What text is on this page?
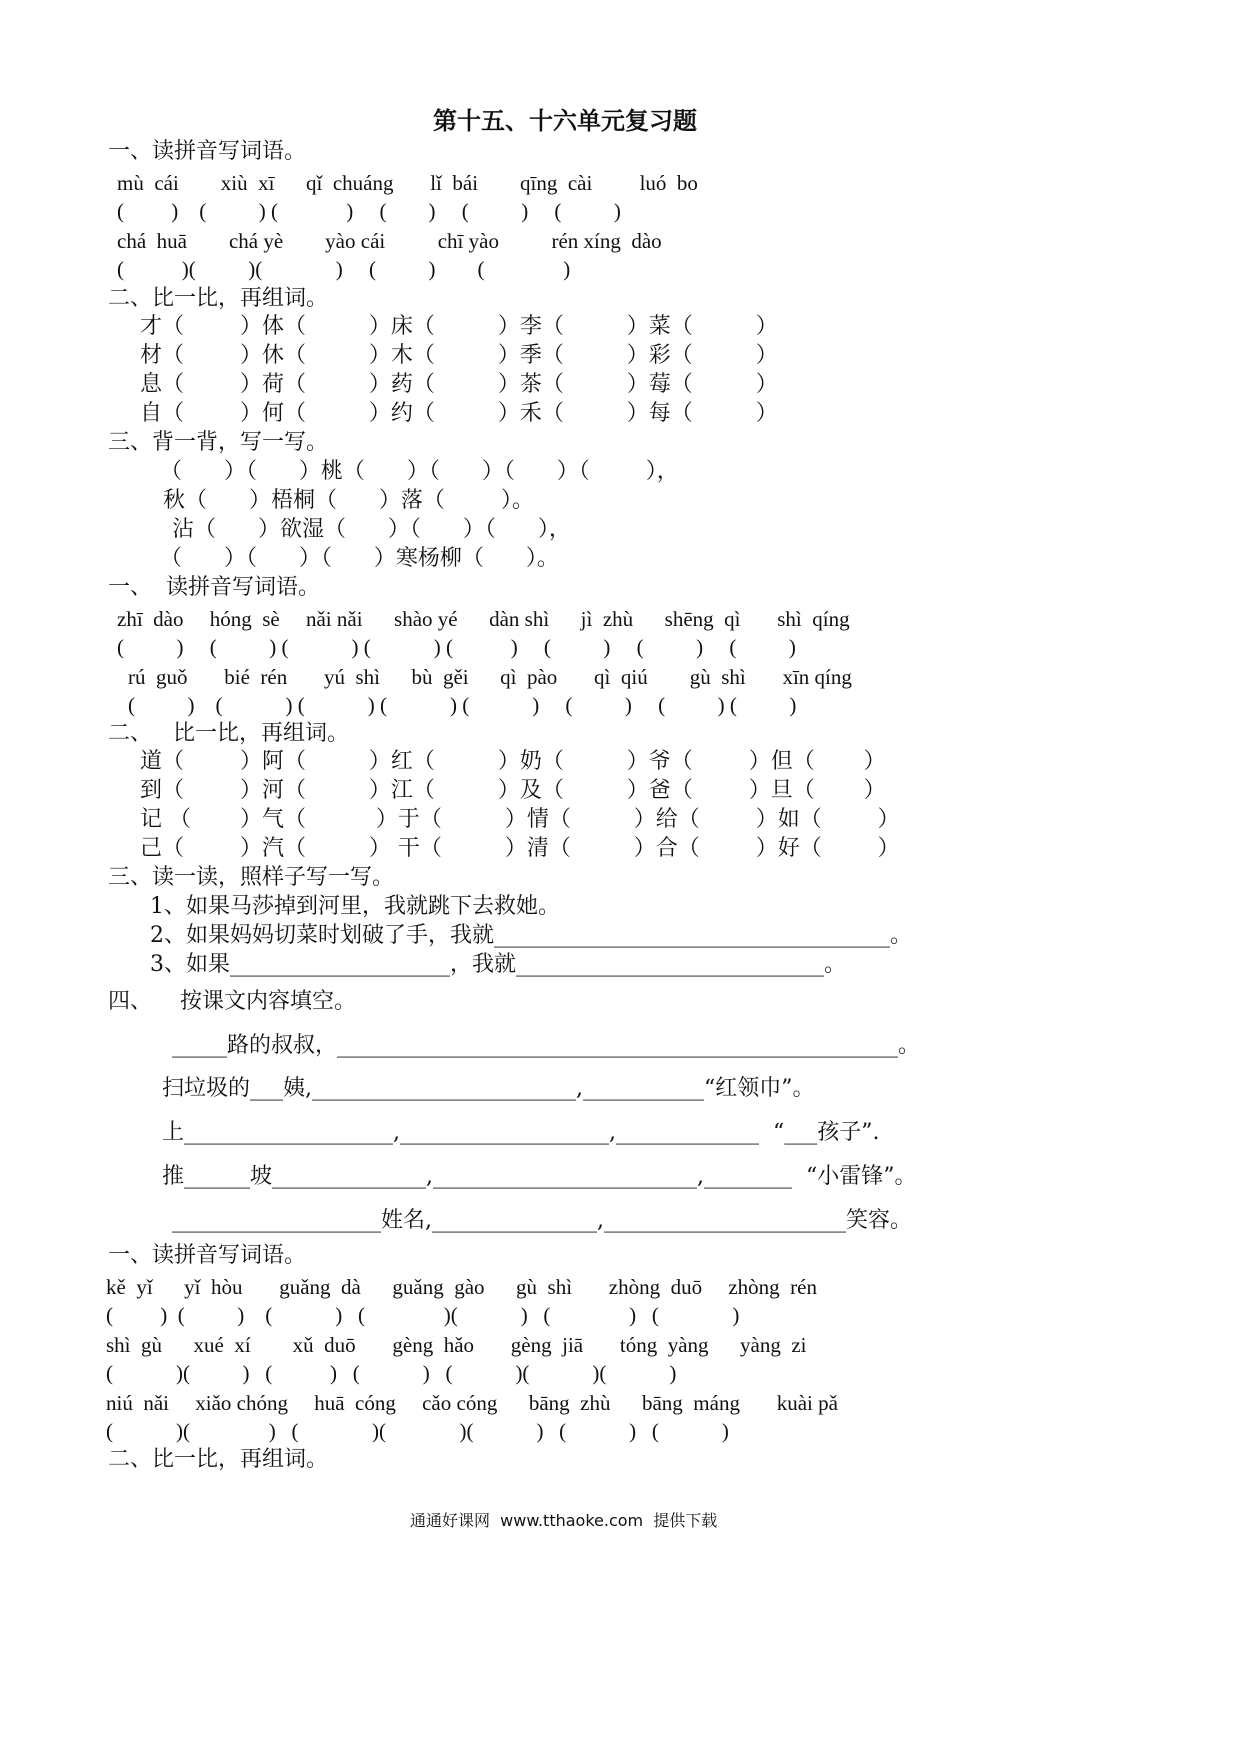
第十五、十六单元复习题
一、读拼音写词语。
mù  cái        xiù  xī      qǐ  chuáng       lǐ  bái        qīng  cài         luó  bo
(         )    (          ) (             )     (        )     (          )     (          )
chá  huā        chá yè        yào cái          chī yào          rén xíng  dào
(           )(          )(              )     (          )        (               )
二、比一比，再组词。
才（        ）体（         ）床（         ）李（         ）菜（         ）
材（        ）休（         ）木（         ）季（         ）彩（         ）
息（        ）荷（         ）药（         ）茶（         ）莓（         ）
自（        ）何（         ）约（         ）禾（         ）每（         ）
三、背一背，写一写。
（      ）（      ）桃（      ）（      ）（      ）（        ），
秋（      ）梧桐（      ）落（        ）。
沾（      ）欲湿（      ）（      ）（      ），
（      ）（      ）（      ）寒杨柳（      ）。
一、  读拼音写词语。
zhī  dào     hóng  sè     nǎi nǎi      shào yé      dàn shì      jì  zhù      shēng  qì       shì  qíng
(          )     (          ) (            ) (            ) (           )     (          )     (          )     (          )
rú  guǒ       bié  rén       yú  shì      bù  gěi      qì  pào       qì  qiú        gù  shì       xīn qíng
(          )    (            ) (            ) (            ) (            )     (          )     (          ) (          )
二、   比一比，再组词。
道（        ）阿（         ）红（         ）奶（         ）爷（        ）但（       ）
到（        ）河（         ）江（         ）及（         ）爸（        ）旦（       ）
记 （       ）气（          ）于（         ）情（         ）给（        ）如（        ）
己（        ）汽（         ） 干（         ）清（         ）合（        ）好（        ）
三、读一读，照样子写一写。
1、如果马莎掉到河里，我就跳下去救她。
2、如果妈妈切菜时划破了手，我就____________________________________。
3、如果____________________，我就____________________________。
四、    按课文内容填空。
_____路的叔叔，___________________________________________________。
扫垃圾的___姨,________________________,___________“红领巾”。
上___________________,___________________,_____________  “___孩子”.
推______坡______________,________________________,________  “小雷锋”。
___________________姓名,_______________,______________________笑容。
一、读拼音写词语。
kě  yǐ      yǐ  hòu       guǎng  dà      guǎng  gào      gù  shì       zhòng  duō     zhòng  rén
(         )  (          )    (            )   (               )(            )   (               )   (              )
shì  gù      xué  xí        xǔ  duō       gèng  hǎo       gèng  jiā       tóng  yàng      yàng  zi
(            )(          )   (           )   (            )   (            )(            )(            )
niú  nǎi     xiǎo chóng     huā  cóng     cǎo cóng      bāng  zhù      bāng  máng       kuài pǎ
(            )(               )   (              )(              )(            )   (            )   (            )
二、比一比，再组词。
通通好课网  www.tthaoke.com  提供下载
